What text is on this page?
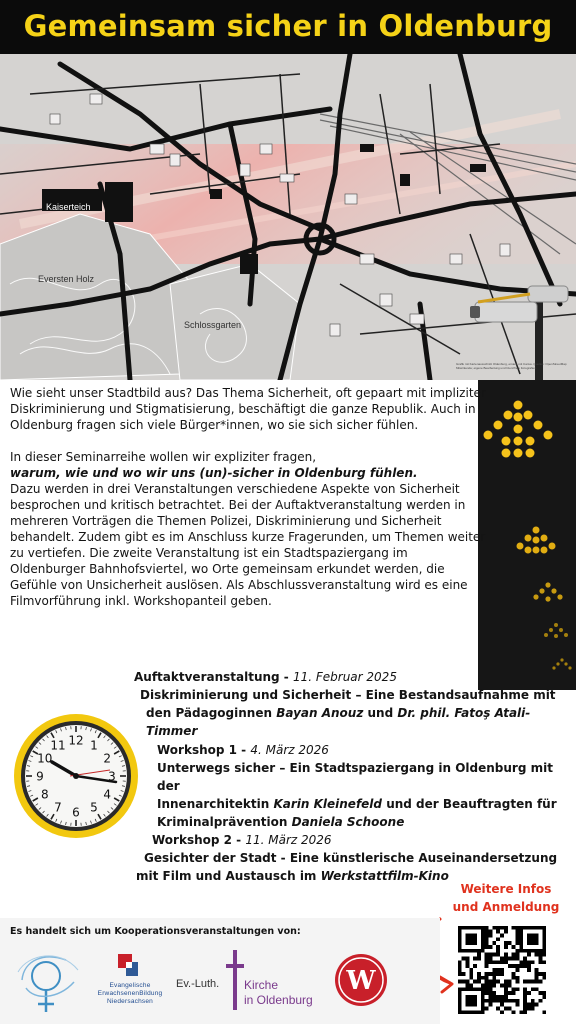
Gemeinsam sicher in Oldenburg
Kaiserteich
Eversten Holz
Schlossgarten
Grafik mit Kartenausschnitt Oldenburg, erstellt mit Canva. Quellen: OpenStreetMap Mitwirkende; eigene Bearbeitung und lizenzfreie Fotografien.

Wie sieht unser Stadtbild aus? Das Thema Sicherheit, oft gepaart mit impliziter Diskriminierung und Stigmatisierung, beschäftigt die ganze Republik. Auch in Oldenburg fragen sich viele Bürger*innen, wo sie sich sicher fühlen.

In dieser Seminarreihe wollen wir expliziter fragen,

warum, wie und wo wir uns (un)-sicher in Oldenburg fühlen.

Dazu werden in drei Veranstaltungen verschiedene Aspekte von Sicherheit besprochen und kritisch betrachtet. Bei der Auftaktveranstaltung werden in mehreren Vorträgen die Themen Polizei, Diskriminierung und Sicherheit behandelt. Zudem gibt es im Anschluss kurze Fragerunden, um Themen weiter zu vertiefen. Die zweite Veranstaltung ist ein Stadtspaziergang im Oldenburger Bahnhofsviertel, wo Orte gemeinsam erkundet werden, die Gefühle von Unsicherheit auslösen. Als Abschlussveranstaltung wird es eine Filmvorführung inkl. Workshopanteil geben.

Auftaktveranstaltung - 11. Februar 2025
Diskriminierung und Sicherheit – Eine Bestandsaufnahme mit
den Pädagoginnen Bayan Anouz und Dr. phil. Fatoş Atali-Timmer
Workshop 1 - 4. März 2026
Unterwegs sicher – Ein Stadtspaziergang in Oldenburg mit der
Innenarchitektin Karin Kleinefeld und der Beauftragten für
Kriminalprävention Daniela Schoone
Workshop 2 - 11. März 2026
Gesichter der Stadt - Eine künstlerische Auseinandersetzung
mit Film und Austausch im Werkstattfilm-Kino
12 1
2
3
4
5
6
7
8
9
10
11
Weitere Infos
und Anmeldung
Es handelt sich um Kooperationsveranstaltungen von:
Evangelische
ErwachsenenBildung
Niedersachsen
Ev.-Luth. Kirche
in Oldenburg
W
